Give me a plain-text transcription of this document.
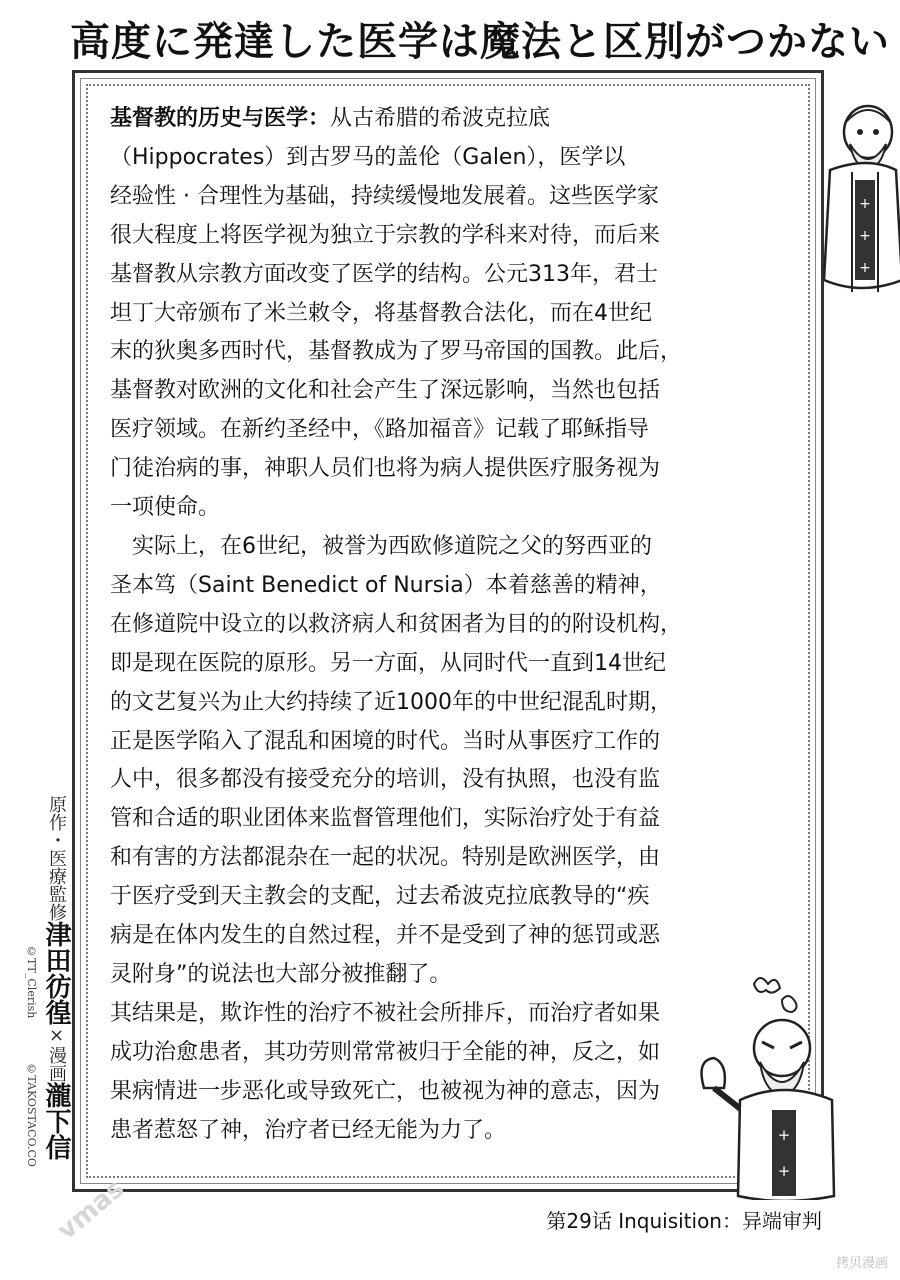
高度に発達した医学は魔法と区別がつかない

基督教的历史与医学：从古希腊的希波克拉底

（Hippocrates）到古罗马的盖伦（Galen），医学以

经验性 · 合理性为基础，持续缓慢地发展着。这些医学家

很大程度上将医学视为独立于宗教的学科来对待，而后来

基督教从宗教方面改变了医学的结构。公元313年，君士

坦丁大帝颁布了米兰敕令，将基督教合法化，而在4世纪

末的狄奥多西时代，基督教成为了罗马帝国的国教。此后，

基督教对欧洲的文化和社会产生了深远影响，当然也包括

医疗领域。在新约圣经中，《路加福音》记载了耶稣指导

门徒治病的事，神职人员们也将为病人提供医疗服务视为

一项使命。

　实际上，在6世纪，被誉为西欧修道院之父的努西亚的

圣本笃（Saint Benedict of Nursia）本着慈善的精神，

在修道院中设立的以救济病人和贫困者为目的的附设机构，

即是现在医院的原形。另一方面，从同时代一直到14世纪

的文艺复兴为止大约持续了近1000年的中世纪混乱时期，

正是医学陷入了混乱和困境的时代。当时从事医疗工作的

人中，很多都没有接受充分的培训，没有执照，也没有监

管和合适的职业团体来监督管理他们，实际治疗处于有益

和有害的方法都混杂在一起的状况。特别是欧洲医学，由

于医疗受到天主教会的支配，过去希波克拉底教导的“疾

病是在体内发生的自然过程，并不是受到了神的惩罚或恶

灵附身”的说法也大部分被推翻了。

其结果是，欺诈性的治疗不被社会所排斥，而治疗者如果

成功治愈患者，其功劳则常常被归于全能的神，反之，如

果病情进一步恶化或导致死亡，也被视为神的意志，因为

患者惹怒了神，治疗者已经无能为力了。

原作・医療監修津田彷徨×漫画瀧下信
©TT_Clerish　　　　©TAKOSTACO.CO
+
+
+
+
+
第29话 Inquisition：异端审判
vmas
拷贝漫画
